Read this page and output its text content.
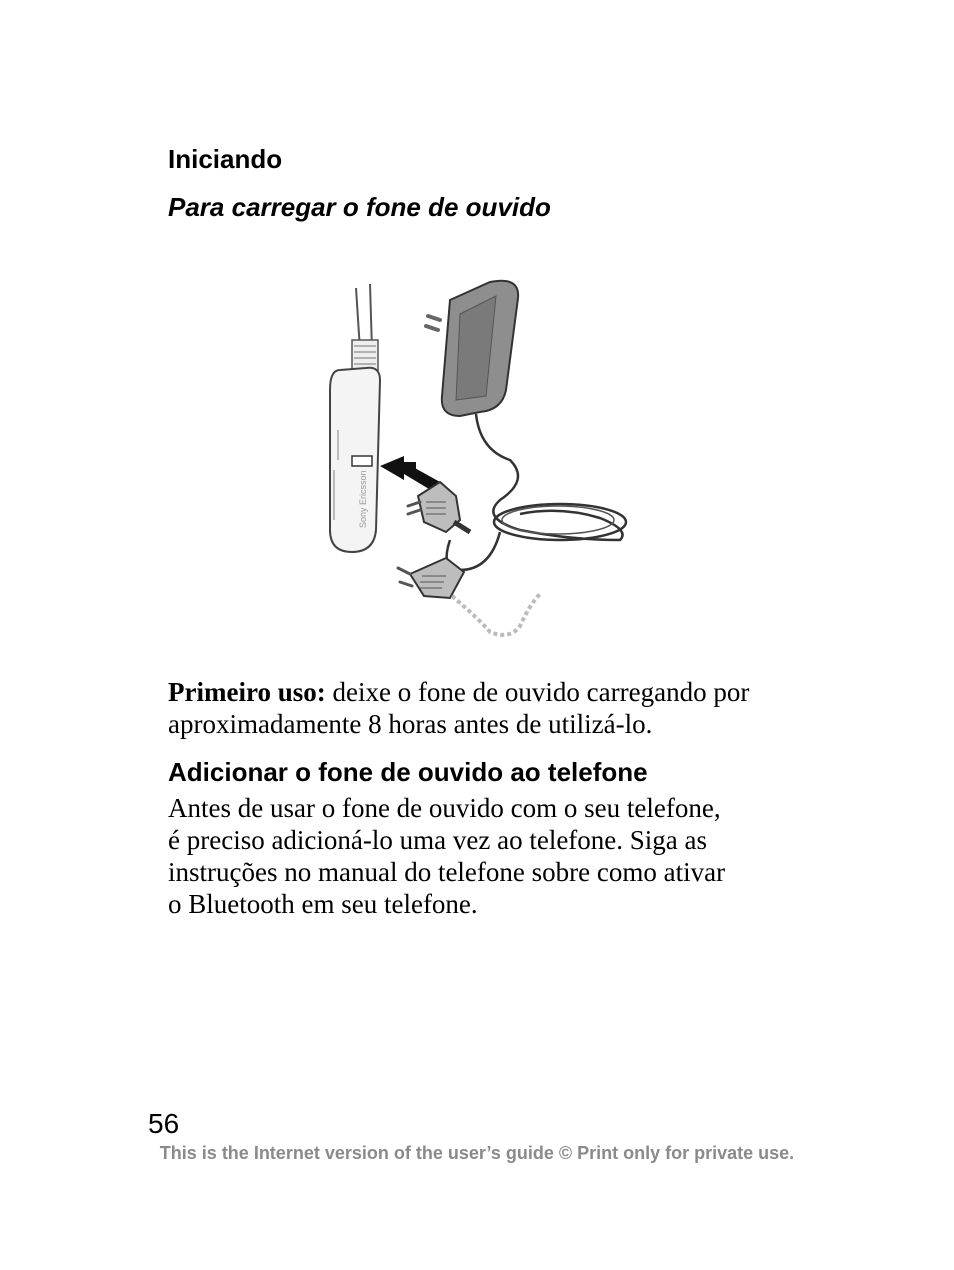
Iniciando
Para carregar o fone de ouvido
Sony Ericsson

Primeiro uso: deixe o fone de ouvido carregando por aproximadamente 8 horas antes de utilizá-lo.

Adicionar o fone de ouvido ao telefone

Antes de usar o fone de ouvido com o seu telefone,
é preciso adicioná-lo uma vez ao telefone. Siga as
instruções no manual do telefone sobre como ativar
o Bluetooth em seu telefone.

56
This is the Internet version of the user’s guide © Print only for private use.
